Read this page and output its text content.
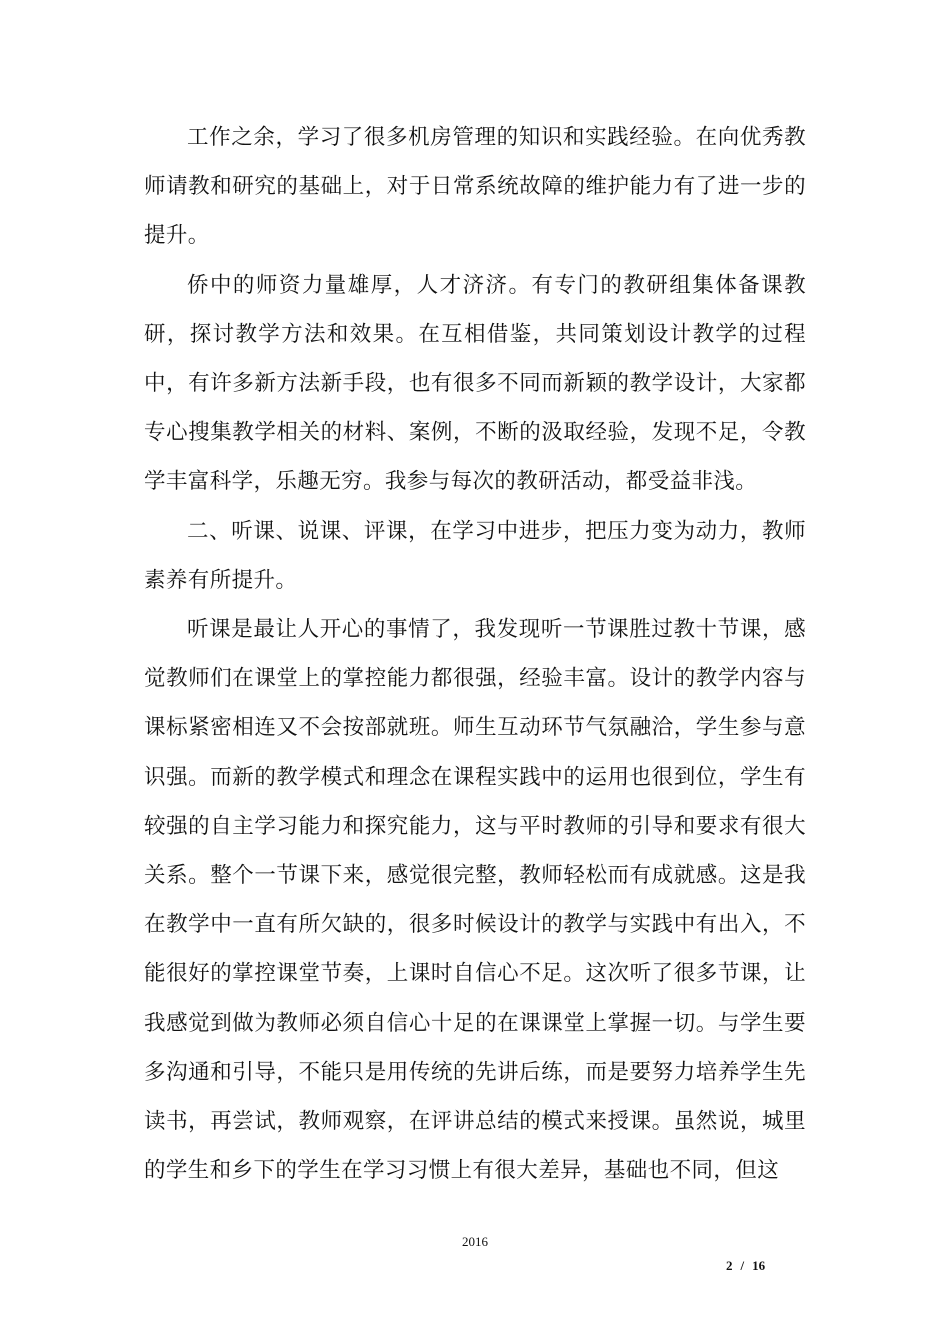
工作之余，学习了很多机房管理的知识和实践经验。在向优秀教师请教和研究的基础上，对于日常系统故障的维护能力有了进一步的提升。

侨中的师资力量雄厚，人才济济。有专门的教研组集体备课教研，探讨教学方法和效果。在互相借鉴，共同策划设计教学的过程中，有许多新方法新手段，也有很多不同而新颖的教学设计，大家都专心搜集教学相关的材料、案例，不断的汲取经验，发现不足，令教学丰富科学，乐趣无穷。我参与每次的教研活动，都受益非浅。

二、听课、说课、评课，在学习中进步，把压力变为动力，教师素养有所提升。

听课是最让人开心的事情了，我发现听一节课胜过教十节课，感觉教师们在课堂上的掌控能力都很强，经验丰富。设计的教学内容与课标紧密相连又不会按部就班。师生互动环节气氛融洽，学生参与意识强。而新的教学模式和理念在课程实践中的运用也很到位，学生有较强的自主学习能力和探究能力，这与平时教师的引导和要求有很大关系。整个一节课下来，感觉很完整，教师轻松而有成就感。这是我在教学中一直有所欠缺的，很多时候设计的教学与实践中有出入，不能很好的掌控课堂节奏，上课时自信心不足。这次听了很多节课，让我感觉到做为教师必须自信心十足的在课课堂上掌握一切。与学生要多沟通和引导，不能只是用传统的先讲后练，而是要努力培养学生先读书，再尝试，教师观察，在评讲总结的模式来授课。虽然说，城里的学生和乡下的学生在学习习惯上有很大差异，基础也不同，但这

2016
2 / 16
